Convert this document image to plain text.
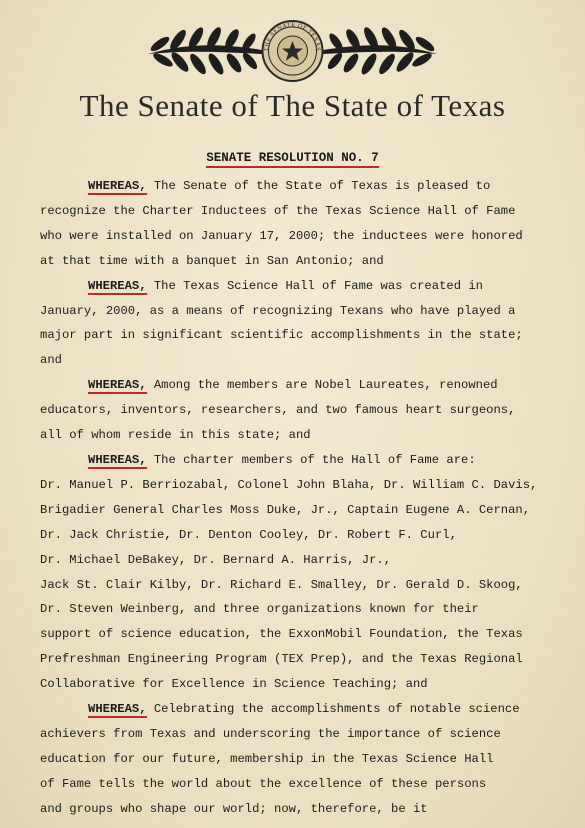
THE SENATE OF TEXAS
The Senate of The State of Texas
SENATE RESOLUTION NO. 7
WHEREAS, The Senate of the State of Texas is pleased to
recognize the Charter Inductees of the Texas Science Hall of Fame
who were installed on January 17, 2000; the inductees were honored
at that time with a banquet in San Antonio; and
WHEREAS, The Texas Science Hall of Fame was created in
January, 2000, as a means of recognizing Texans who have played a
major part in significant scientific accomplishments in the state;
and
WHEREAS, Among the members are Nobel Laureates, renowned
educators, inventors, researchers, and two famous heart surgeons,
all of whom reside in this state; and
WHEREAS, The charter members of the Hall of Fame are:
Dr. Manuel P. Berriozabal, Colonel John Blaha, Dr. William C. Davis,
Brigadier General Charles Moss Duke, Jr., Captain Eugene A. Cernan,
Dr. Jack Christie, Dr. Denton Cooley, Dr. Robert F. Curl,
Dr. Michael DeBakey, Dr. Bernard A. Harris, Jr.,
Jack St. Clair Kilby, Dr. Richard E. Smalley, Dr. Gerald D. Skoog,
Dr. Steven Weinberg, and three organizations known for their
support of science education, the ExxonMobil Foundation, the Texas
Prefreshman Engineering Program (TEX Prep), and the Texas Regional
Collaborative for Excellence in Science Teaching; and
WHEREAS, Celebrating the accomplishments of notable science
achievers from Texas and underscoring the importance of science
education for our future, membership in the Texas Science Hall
of Fame tells the world about the excellence of these persons
and groups who shape our world; now, therefore, be it
